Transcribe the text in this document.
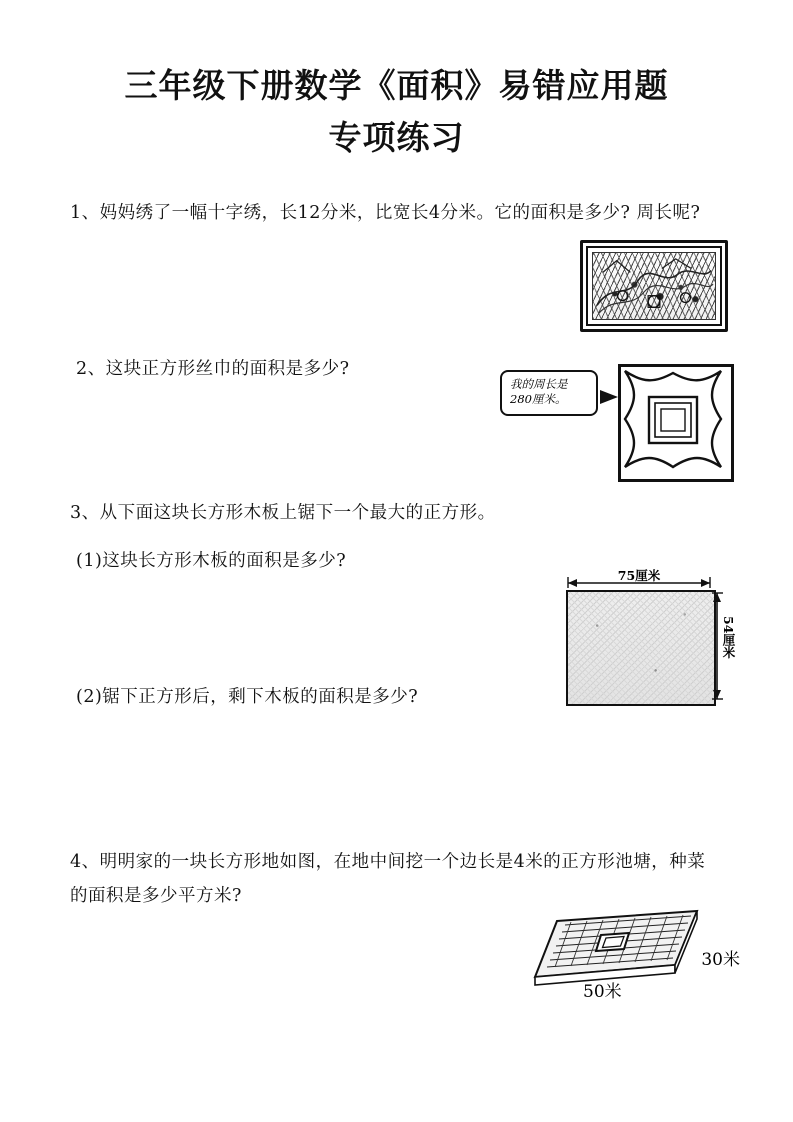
三年级下册数学《面积》易错应用题
专项练习
1、妈妈绣了一幅十字绣，长12分米，比宽长4分米。它的面积是多少? 周长呢?
2、这块正方形丝巾的面积是多少?
3、从下面这块长方形木板上锯下一个最大的正方形。
(1)这块长方形木板的面积是多少?
(2)锯下正方形后，剩下木板的面积是多少?
4、明明家的一块长方形地如图，在地中间挖一个边长是4米的正方形池塘，种菜的面积是多少平方米?
我的周长是
280厘米。
75厘米
54厘米
30米
50米
